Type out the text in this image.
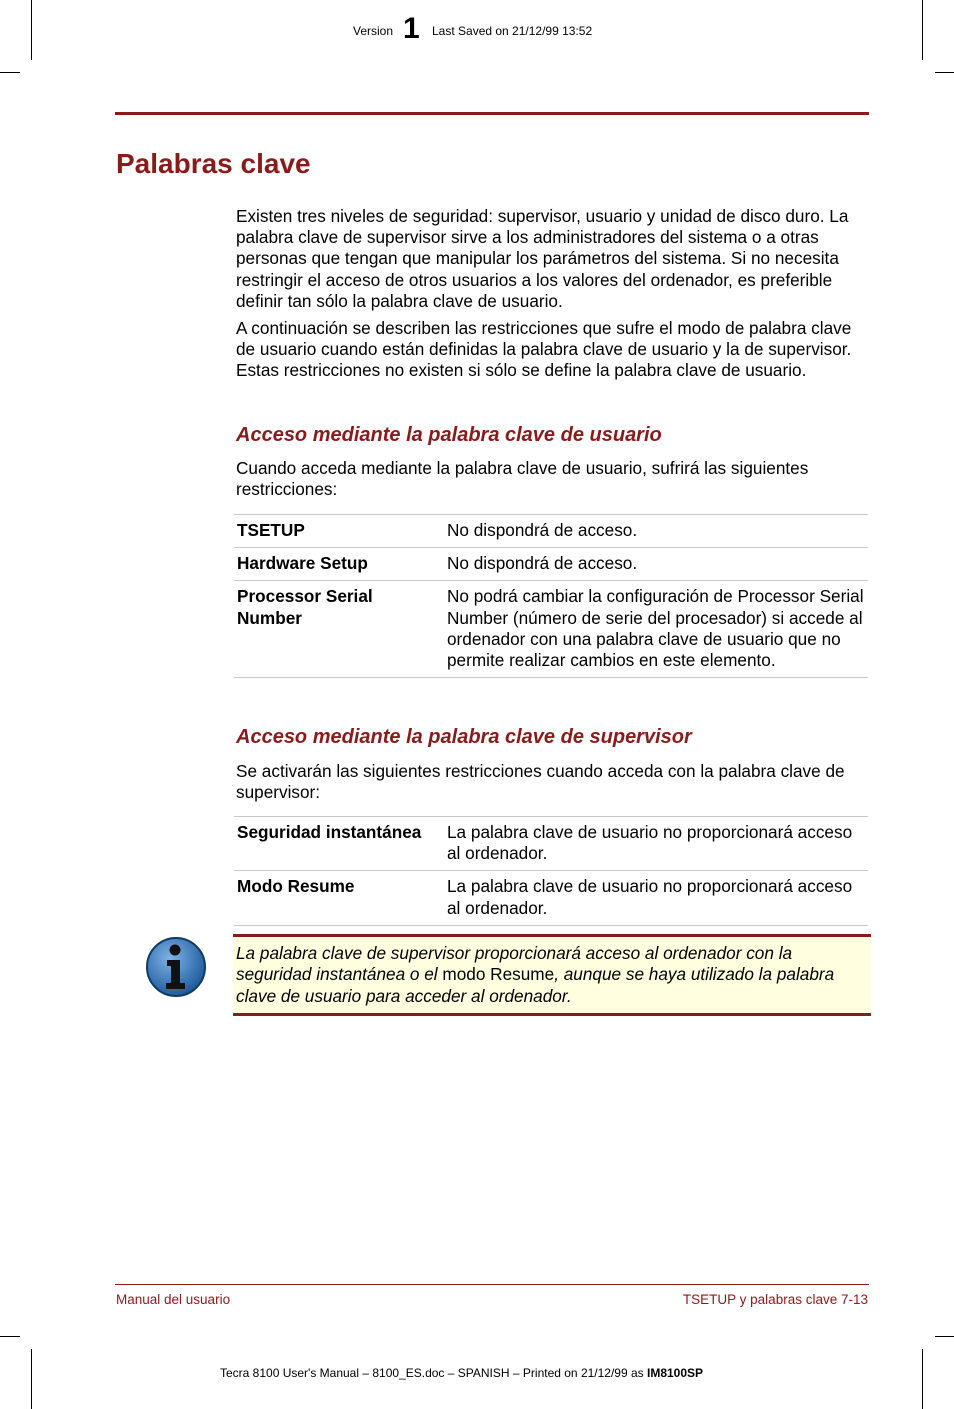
Version 1 Last Saved on 21/12/99 13:52
Palabras clave
Existen tres niveles de seguridad: supervisor, usuario y unidad de disco duro. La palabra clave de supervisor sirve a los administradores del sistema o a otras personas que tengan que manipular los parámetros del sistema. Si no necesita restringir el acceso de otros usuarios a los valores del ordenador, es preferible definir tan sólo la palabra clave de usuario.
A continuación se describen las restricciones que sufre el modo de palabra clave de usuario cuando están definidas la palabra clave de usuario y la de supervisor. Estas restricciones no existen si sólo se define la palabra clave de usuario.
Acceso mediante la palabra clave de usuario
Cuando acceda mediante la palabra clave de usuario, sufrirá las siguientes restricciones:
TSETUP	No dispondrá de acceso.
Hardware Setup	No dispondrá de acceso.
Processor Serial Number	No podrá cambiar la configuración de Processor Serial Number (número de serie del procesador) si accede al ordenador con una palabra clave de usuario que no permite realizar cambios en este elemento.
Acceso mediante la palabra clave de supervisor
Se activarán las siguientes restricciones cuando acceda con la palabra clave de supervisor:
Seguridad instantánea	La palabra clave de usuario no proporcionará acceso al ordenador.
Modo Resume	La palabra clave de usuario no proporcionará acceso al ordenador.
La palabra clave de supervisor proporcionará acceso al ordenador con la seguridad instantánea o el modo Resume, aunque se haya utilizado la palabra clave de usuario para acceder al ordenador.
Manual del usuario	TSETUP y palabras clave 7-13
Tecra 8100 User's Manual – 8100_ES.doc – SPANISH – Printed on 21/12/99 as IM8100SP
